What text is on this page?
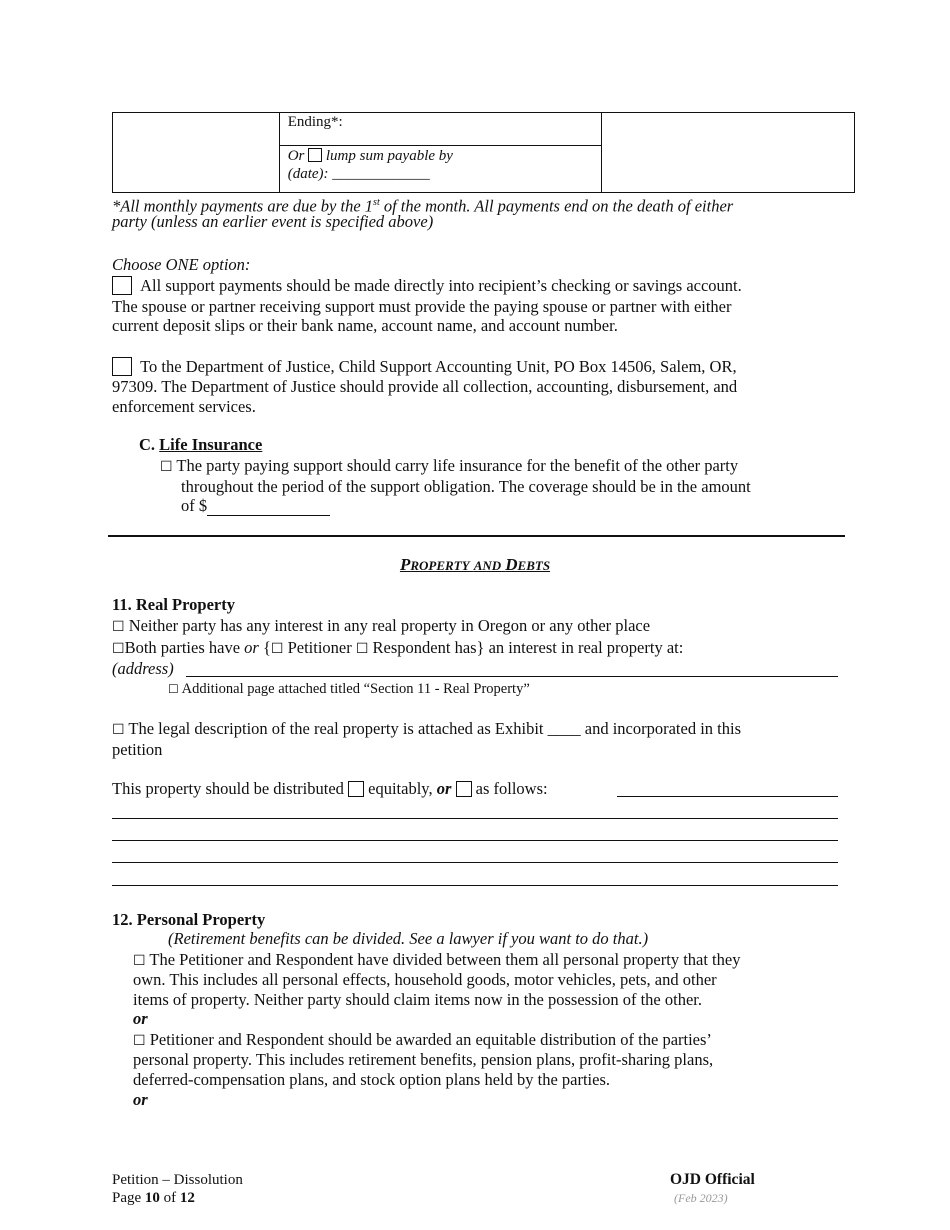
Ending*:

Or lump sum payable by
(date): _____________
*All monthly payments are due by the 1st of the month. All payments end on the death of either
party (unless an earlier event is specified above)
Choose ONE option:
All support payments should be made directly into recipient’s checking or savings account.
The spouse or partner receiving support must provide the paying spouse or partner with either
current deposit slips or their bank name, account name, and account number.
To the Department of Justice, Child Support Accounting Unit, PO Box 14506, Salem, OR,
97309. The Department of Justice should provide all collection, accounting, disbursement, and
enforcement services.
C. Life Insurance
☐ The party paying support should carry life insurance for the benefit of the other party
throughout the period of the support obligation. The coverage should be in the amount
of $
PROPERTY AND DEBTS
11. Real Property
☐ Neither party has any interest in any real property in Oregon or any other place
☐Both parties have or {☐ Petitioner ☐ Respondent has} an interest in real property at:
(address)
☐ Additional page attached titled “Section 11 - Real Property”
☐ The legal description of the real property is attached as Exhibit ____ and incorporated in this
petition
This property should be distributed equitably, or as follows:
12. Personal Property
(Retirement benefits can be divided. See a lawyer if you want to do that.)
☐ The Petitioner and Respondent have divided between them all personal property that they
own. This includes all personal effects, household goods, motor vehicles, pets, and other
items of property. Neither party should claim items now in the possession of the other.
or
☐ Petitioner and Respondent should be awarded an equitable distribution of the parties’
personal property. This includes retirement benefits, pension plans, profit-sharing plans,
deferred-compensation plans, and stock option plans held by the parties.
or
Petition – Dissolution
Page 10 of 12
OJD Official
(Feb 2023)
